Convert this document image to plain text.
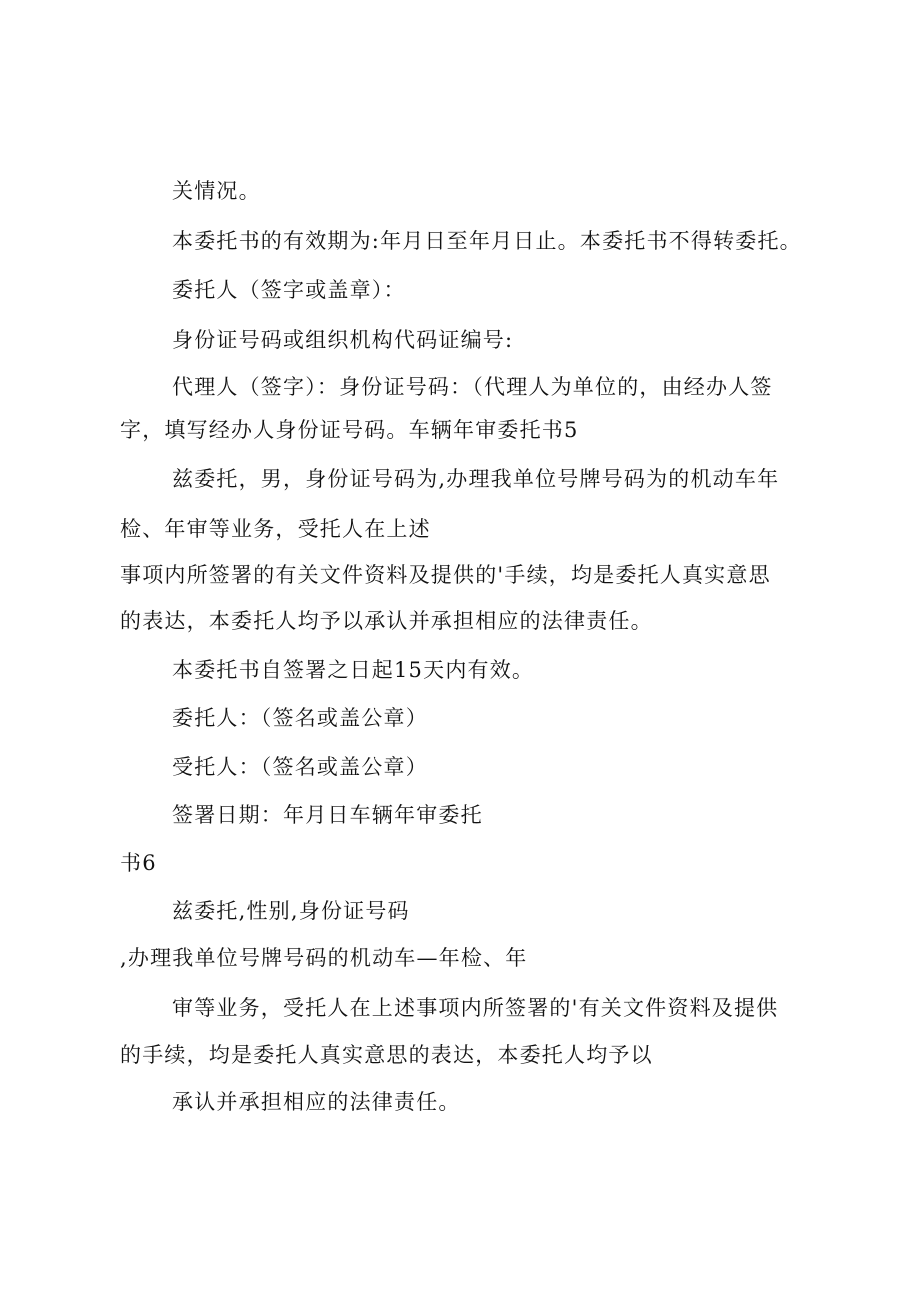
关情况。
本委托书的有效期为:年月日至年月日止。本委托书不得转委托。
委托人（签字或盖章）：
身份证号码或组织机构代码证编号:
代理人（签字）：身份证号码：（代理人为单位的，由经办人签
字，填写经办人身份证号码。车辆年审委托书5
兹委托，男，身份证号码为,办理我单位号牌号码为的机动车年
检、年审等业务，受托人在上述
事项内所签署的有关文件资料及提供的'手续，均是委托人真实意思
的表达，本委托人均予以承认并承担相应的法律责任。
本委托书自签署之日起15天内有效。
委托人：（签名或盖公章）
受托人：（签名或盖公章）
签署日期：年月日车辆年审委托
书6
兹委托,性别,身份证号码
,办理我单位号牌号码的机动车—年检、年
审等业务，受托人在上述事项内所签署的'有关文件资料及提供
的手续，均是委托人真实意思的表达，本委托人均予以
承认并承担相应的法律责任。
